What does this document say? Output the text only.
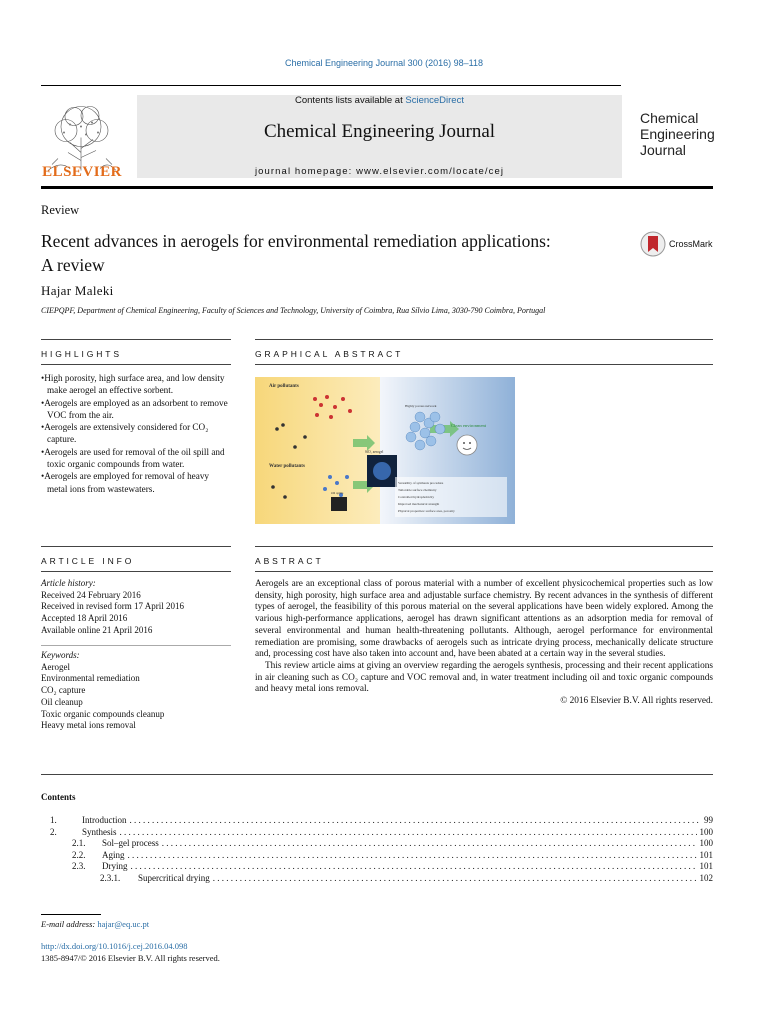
Chemical Engineering Journal 300 (2016) 98–118
ELSEVIER
Contents lists available at ScienceDirect
Chemical Engineering Journal
journal homepage: www.elsevier.com/locate/cej
Chemical
Engineering
Journal
Review
Recent advances in aerogels for environmental remediation applications:
A review
CrossMark
Hajar Maleki
CIEPQPF, Department of Chemical Engineering, Faculty of Sciences and Technology, University of Coimbra, Rua Sílvio Lima, 3030-790 Coimbra, Portugal
HIGHLIGHTS
• High porosity, high surface area, and low density make aerogel an effective sorbent.
• Aerogels are employed as an adsorbent to remove VOC from the air.
• Aerogels are extensively considered for CO₂ capture.
• Aerogels are used for removal of the oil spill and toxic organic compounds from water.
• Aerogels are employed for removal of heavy metal ions from wastewaters.
GRAPHICAL ABSTRACT
Air pollutants
Water pollutants
Clean environment
SiO₂ aerogel
Highly porous network
Oil spills
Versatility of synthesis procedure
Tailorable surface chemistry
Controlled hydrophobicity
Improved mechanical strength
Physical properties: surface area, porosity
ARTICLE INFO
Article history:
Received 24 February 2016
Received in revised form 17 April 2016
Accepted 18 April 2016
Available online 21 April 2016
Keywords:
Aerogel
Environmental remediation
CO₂ capture
Oil cleanup
Toxic organic compounds cleanup
Heavy metal ions removal
ABSTRACT

Aerogels are an exceptional class of porous material with a number of excellent physicochemical properties such as low density, high porosity, high surface area and adjustable surface chemistry. By recent advances in the synthesis of different types of aerogel, the feasibility of this porous material on the several applications have been widely explored. Among the various high-performance applications, aerogel has drawn significant attentions as an adsorption media for removal of several environmental and human health-threatening pollutants. Although, aerogel performance for environmental remediation are promising, some drawbacks of aerogels such as intricate drying process, mechanically delicate structure and, processing cost have also taken into account and, have been abated at a certain way in the several studies.

This review article aims at giving an overview regarding the aerogels synthesis, processing and their recent applications in air cleaning such as CO₂ capture and VOC removal and, in water treatment including oil and toxic organic compounds and heavy metal ions removal.

© 2016 Elsevier B.V. All rights reserved.

Contents
1.	Introduction . . .	99
2.	Synthesis . . .	100
2.1.	Sol–gel process . . .	100
2.2.	Aging . . .	101
2.3.	Drying . . .	101
2.3.1.	Supercritical drying . . .	102
E-mail address: hajar@eq.uc.pt
http://dx.doi.org/10.1016/j.cej.2016.04.098
1385-8947/© 2016 Elsevier B.V. All rights reserved.
